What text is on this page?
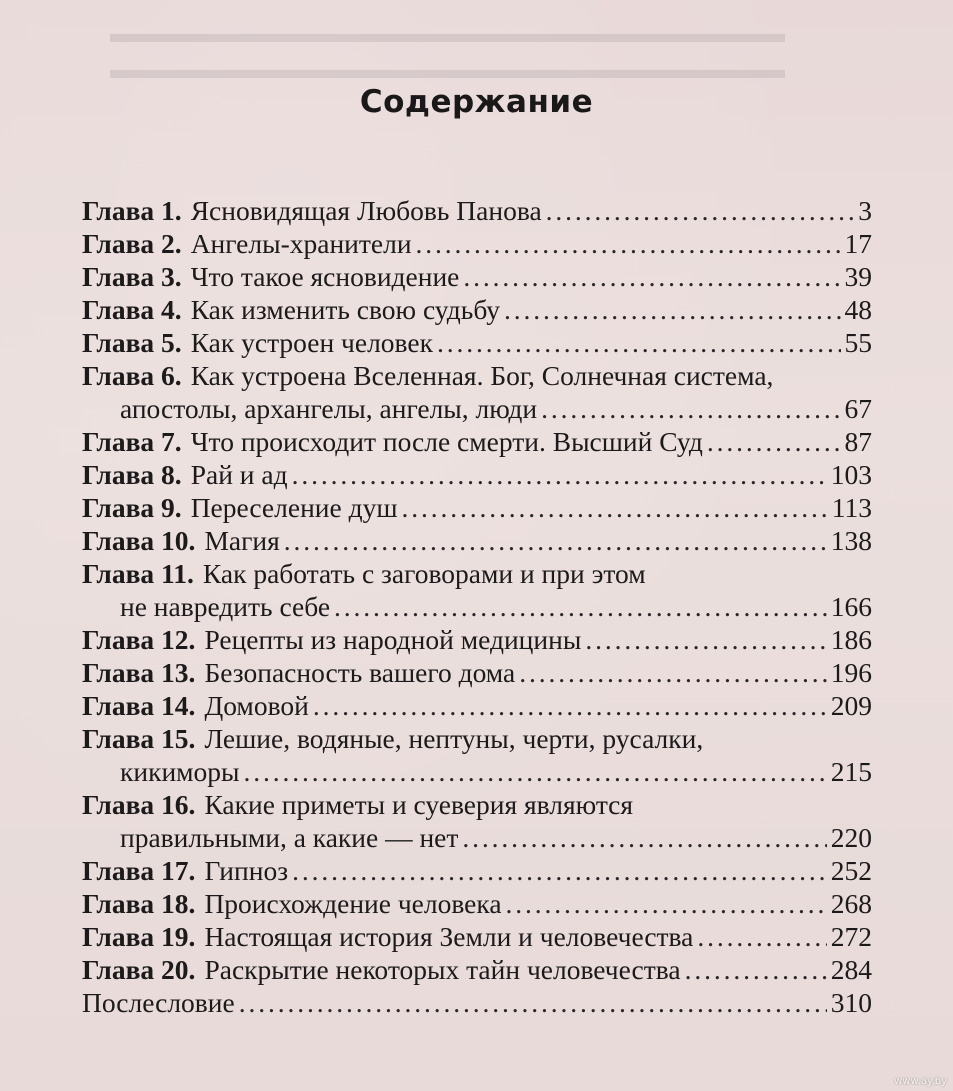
▬▬▬▬▬▬▬▬▬▬▬▬▬▬▬▬▬▬▬▬▬▬▬▬▬
▬▬▬▬▬▬▬▬▬▬▬▬▬▬▬▬▬▬▬▬▬▬▬▬▬
Содержание
Глава 1. Ясновидящая Любовь Панова . . .	3
Глава 2. Ангелы-хранители . . .	17
Глава 3. Что такое ясновидение . . .	39
Глава 4. Как изменить свою судьбу . . .	48
Глава 5. Как устроен человек . . .	55
Глава 6. Как устроена Вселенная. Бог, Солнечная система,
апостолы, архангелы, ангелы, люди . . .	67
Глава 7. Что происходит после смерти. Высший Суд . . .	87
Глава 8. Рай и ад . . .	103
Глава 9. Переселение душ . . .	113
Глава 10. Магия . . .	138
Глава 11. Как работать с заговорами и при этом
не навредить себе . . .	166
Глава 12. Рецепты из народной медицины . . .	186
Глава 13. Безопасность вашего дома . . .	196
Глава 14. Домовой . . .	209
Глава 15. Лешие, водяные, нептуны, черти, русалки,
кикиморы . . .	215
Глава 16. Какие приметы и суеверия являются
правильными, а какие — нет . . .	220
Глава 17. Гипноз . . .	252
Глава 18. Происхождение человека . . .	268
Глава 19. Настоящая история Земли и человечества . . .	272
Глава 20. Раскрытие некоторых тайн человечества . . .	284
Послесловие . . .	310
www.ay.by
